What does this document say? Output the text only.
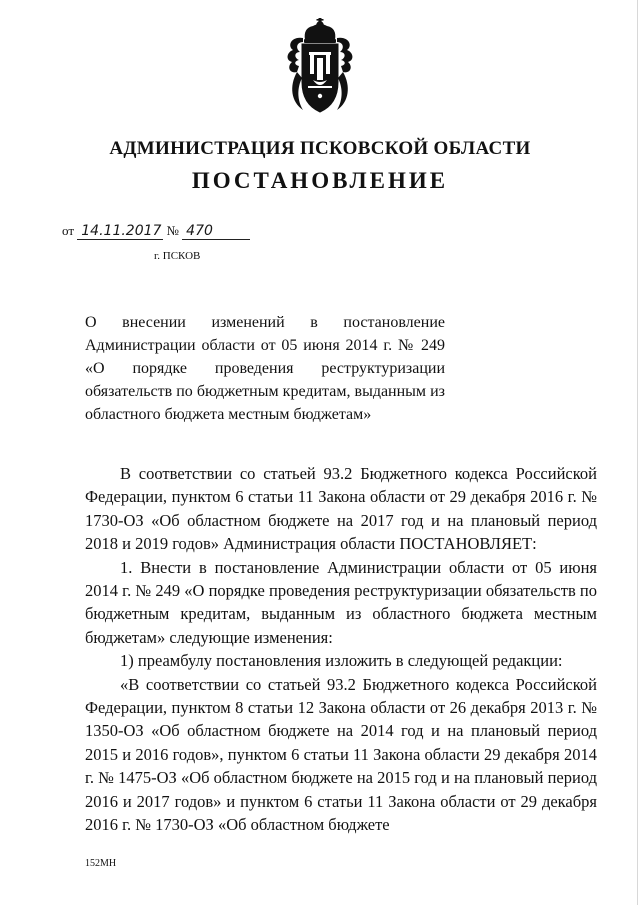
АДМИНИСТРАЦИЯ ПСКОВСКОЙ ОБЛАСТИ
ПОСТАНОВЛЕНИЕ
от 14.11.2017 № 470
г. ПСКОВ

О внесении изменений в постановление Администрации области от 05 июня 2014 г. № 249 «О порядке проведения реструктуризации обязательств по бюджетным кредитам, выданным из областного бюджета местным бюджетам»

В соответствии со статьей 93.2 Бюджетного кодекса Российской Федерации, пунктом 6 статьи 11 Закона области от 29 декабря 2016 г. № 1730-ОЗ «Об областном бюджете на 2017 год и на плановый период 2018 и 2019 годов» Администрация области ПОСТАНОВЛЯЕТ:

1. Внести в постановление Администрации области от 05 июня 2014 г. № 249 «О порядке проведения реструктуризации обязательств по бюджетным кредитам, выданным из областного бюджета местным бюджетам» следующие изменения:

1) преамбулу постановления изложить в следующей редакции:

«В соответствии со статьей 93.2 Бюджетного кодекса Российской Федерации, пунктом 8 статьи 12 Закона области от 26 декабря 2013 г. № 1350-ОЗ «Об областном бюджете на 2014 год и на плановый период 2015 и 2016 годов», пунктом 6 статьи 11 Закона области 29 декабря 2014 г. № 1475-ОЗ «Об областном бюджете на 2015 год и на плановый период 2016 и 2017 годов» и пунктом 6 статьи 11 Закона области от 29 декабря 2016 г. № 1730-ОЗ «Об областном бюджете

152МН
